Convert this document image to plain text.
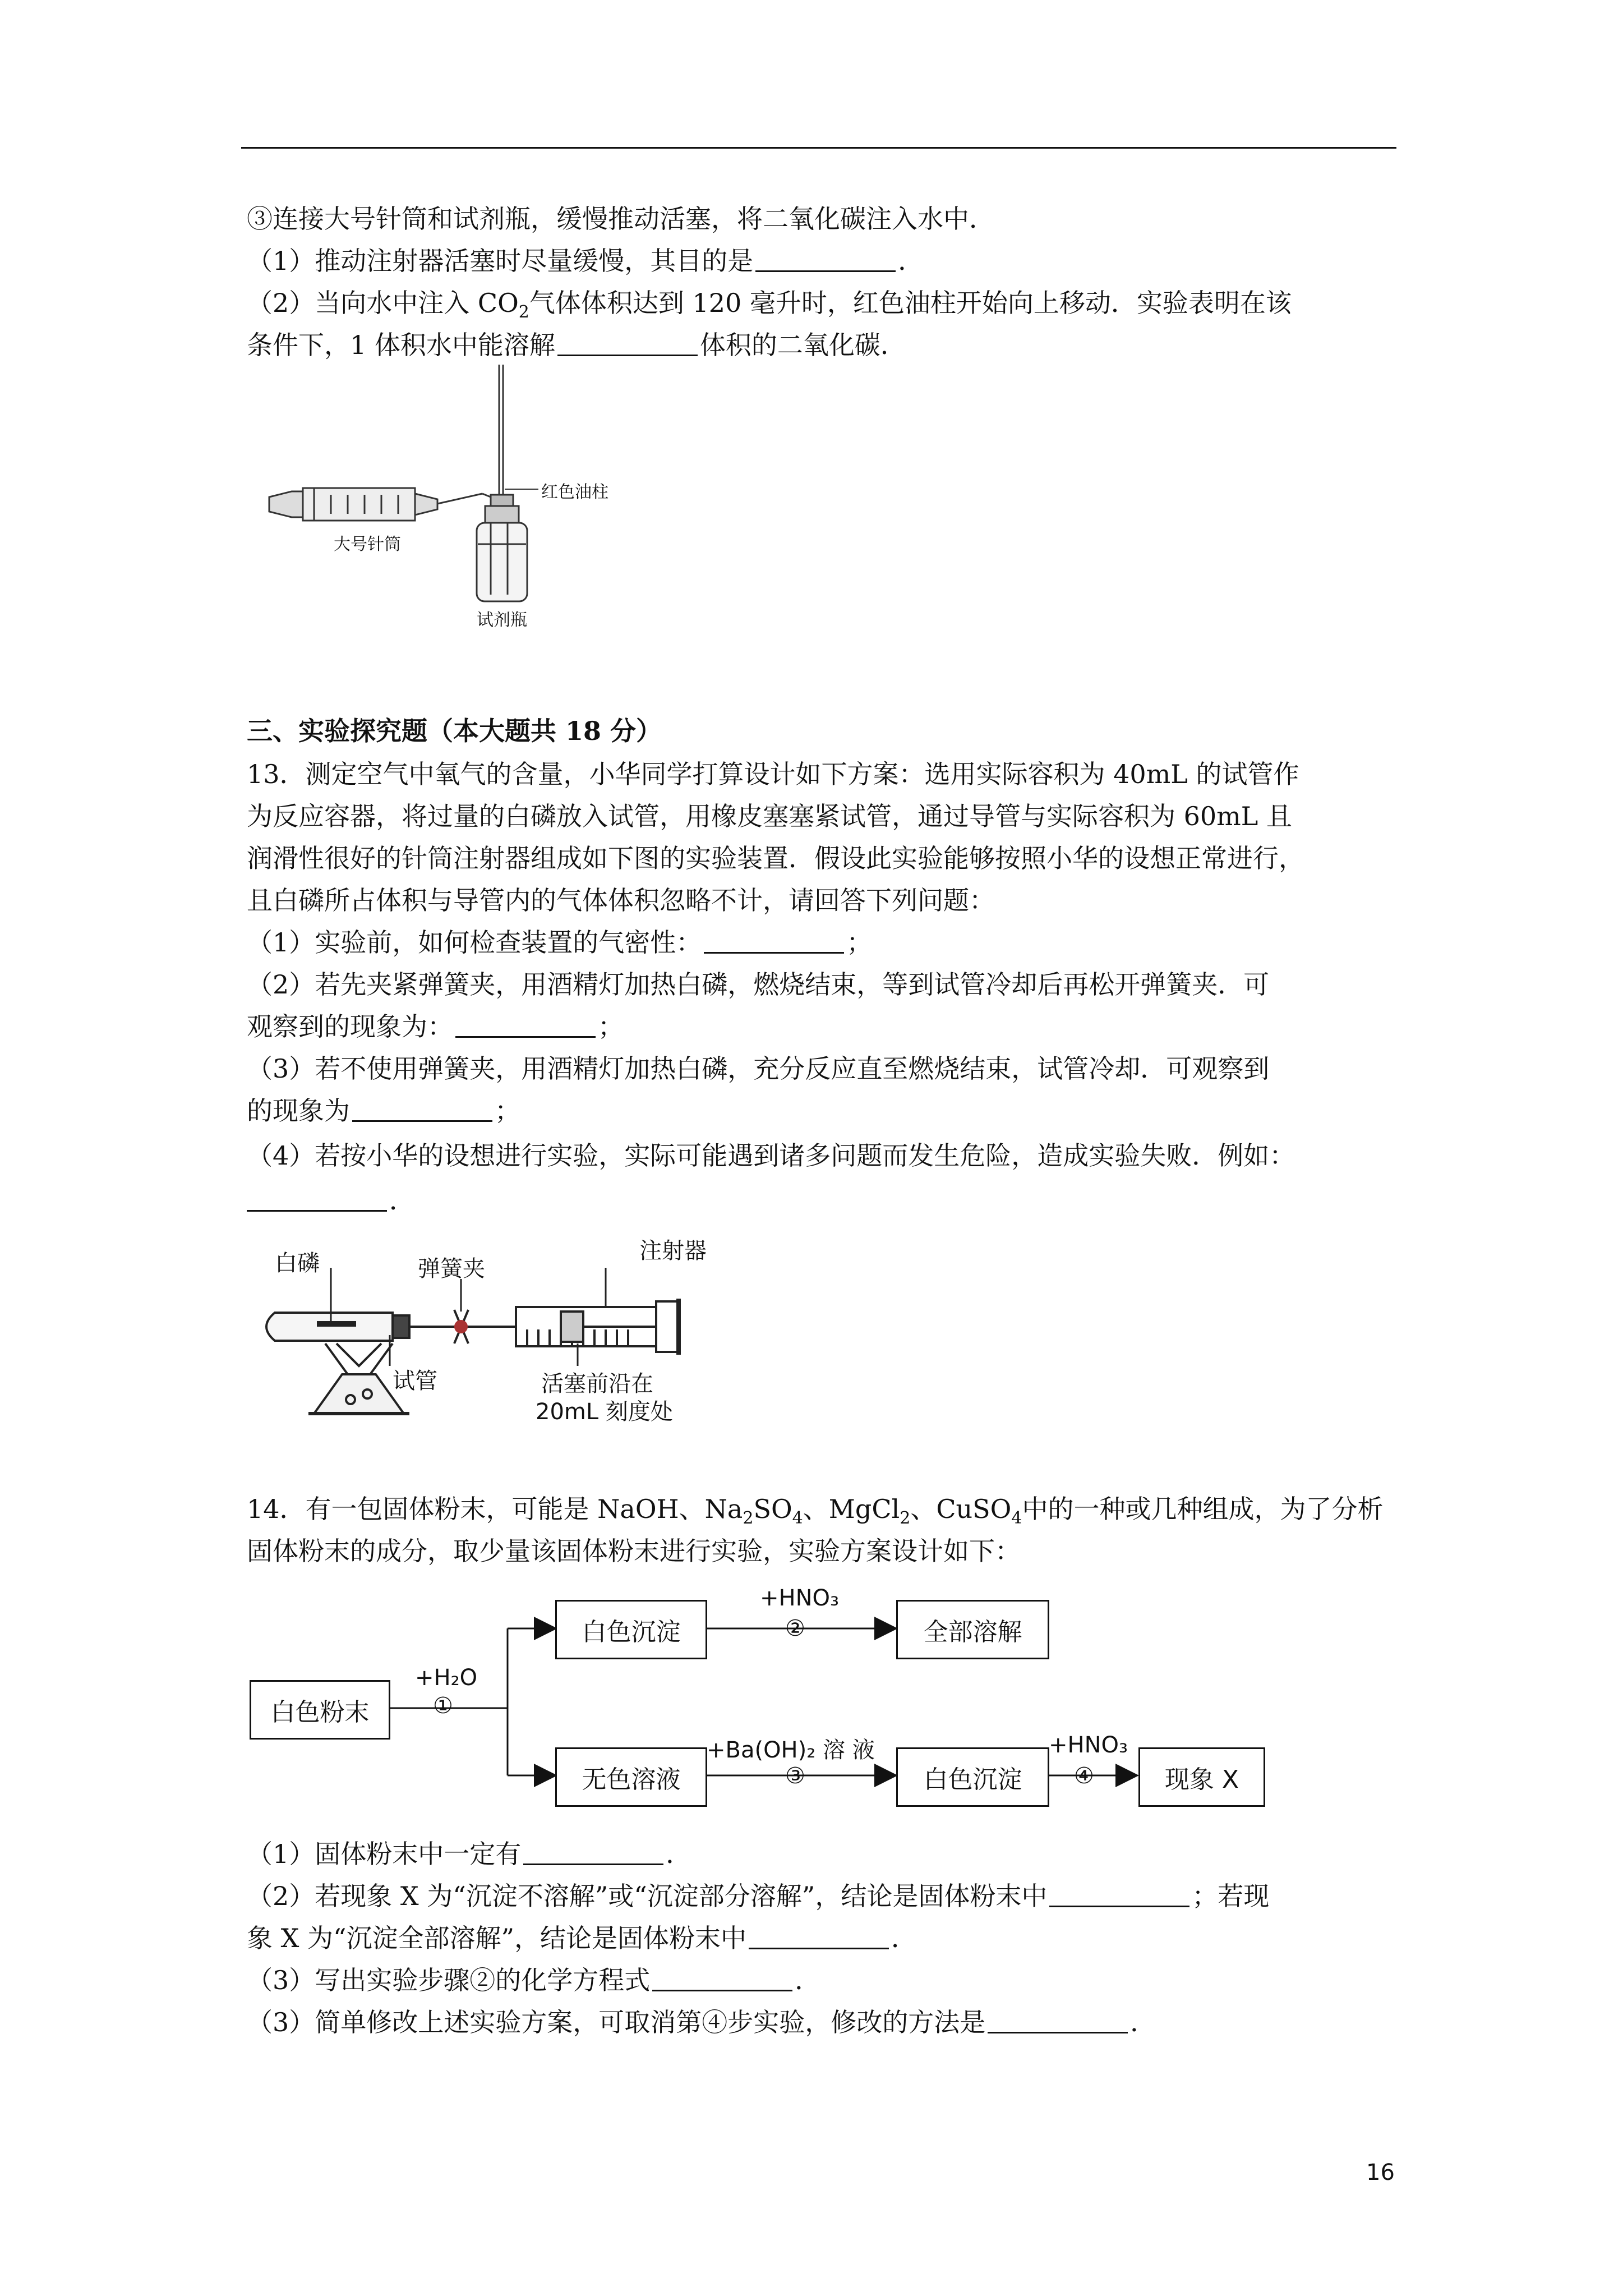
③连接大号针筒和试剂瓶，缓慢推动活塞，将二氧化碳注入水中．
（1）推动注射器活塞时尽量缓慢，其目的是	．
（2）当向水中注入 $CO_2$气体体积达到 120 毫升时，红色油柱开始向上移动．实验表明在该
条件下，1 体积水中能溶解	体积的二氧化碳．
红色油柱
大号针筒
试剂瓶
三、实验探究题（本大题共 18 分）
13．测定空气中氧气的含量，小华同学打算设计如下方案：选用实际容积为 40mL 的试管作
为反应容器，将过量的白磷放入试管，用橡皮塞塞紧试管，通过导管与实际容积为 60mL 且
润滑性很好的针筒注射器组成如下图的实验装置．假设此实验能够按照小华的设想正常进行，
且白磷所占体积与导管内的气体体积忽略不计，请回答下列问题：
（1）实验前，如何检查装置的气密性：	；
（2）若先夹紧弹簧夹，用酒精灯加热白磷，燃烧结束，等到试管冷却后再松开弹簧夹．可
观察到的现象为：	；
（3）若不使用弹簧夹，用酒精灯加热白磷，充分反应直至燃烧结束，试管冷却．可观察到
的现象为	；
（4）若按小华的设想进行实验，实际可能遇到诸多问题而发生危险，造成实验失败．例如：
．
白磷	弹簧夹
注射器
试管	活塞前沿在
20mL 刻度处
14．有一包固体粉末，可能是 NaOH、$Na_2SO_4$、MgCl$_2$、CuSO$_4$中的一种或几种组成，为了分析
固体粉末的成分，取少量该固体粉末进行实验，实验方案设计如下：
白色粉末
白色沉淀	全部溶解
无色溶液	白色沉淀	现象 X
+H₂O
①
+HNO₃
②
+Ba(OH)₂ 溶 液
③
+HNO₃
④
（1）固体粉末中一定有	．
（2）若现象 X 为“沉淀不溶解”或“沉淀部分溶解”，结论是固体粉末中	；若现
象 X 为“沉淀全部溶解”，结论是固体粉末中	．
（3）写出实验步骤②的化学方程式	．
（3）简单修改上述实验方案，可取消第④步实验，修改的方法是	．
16
